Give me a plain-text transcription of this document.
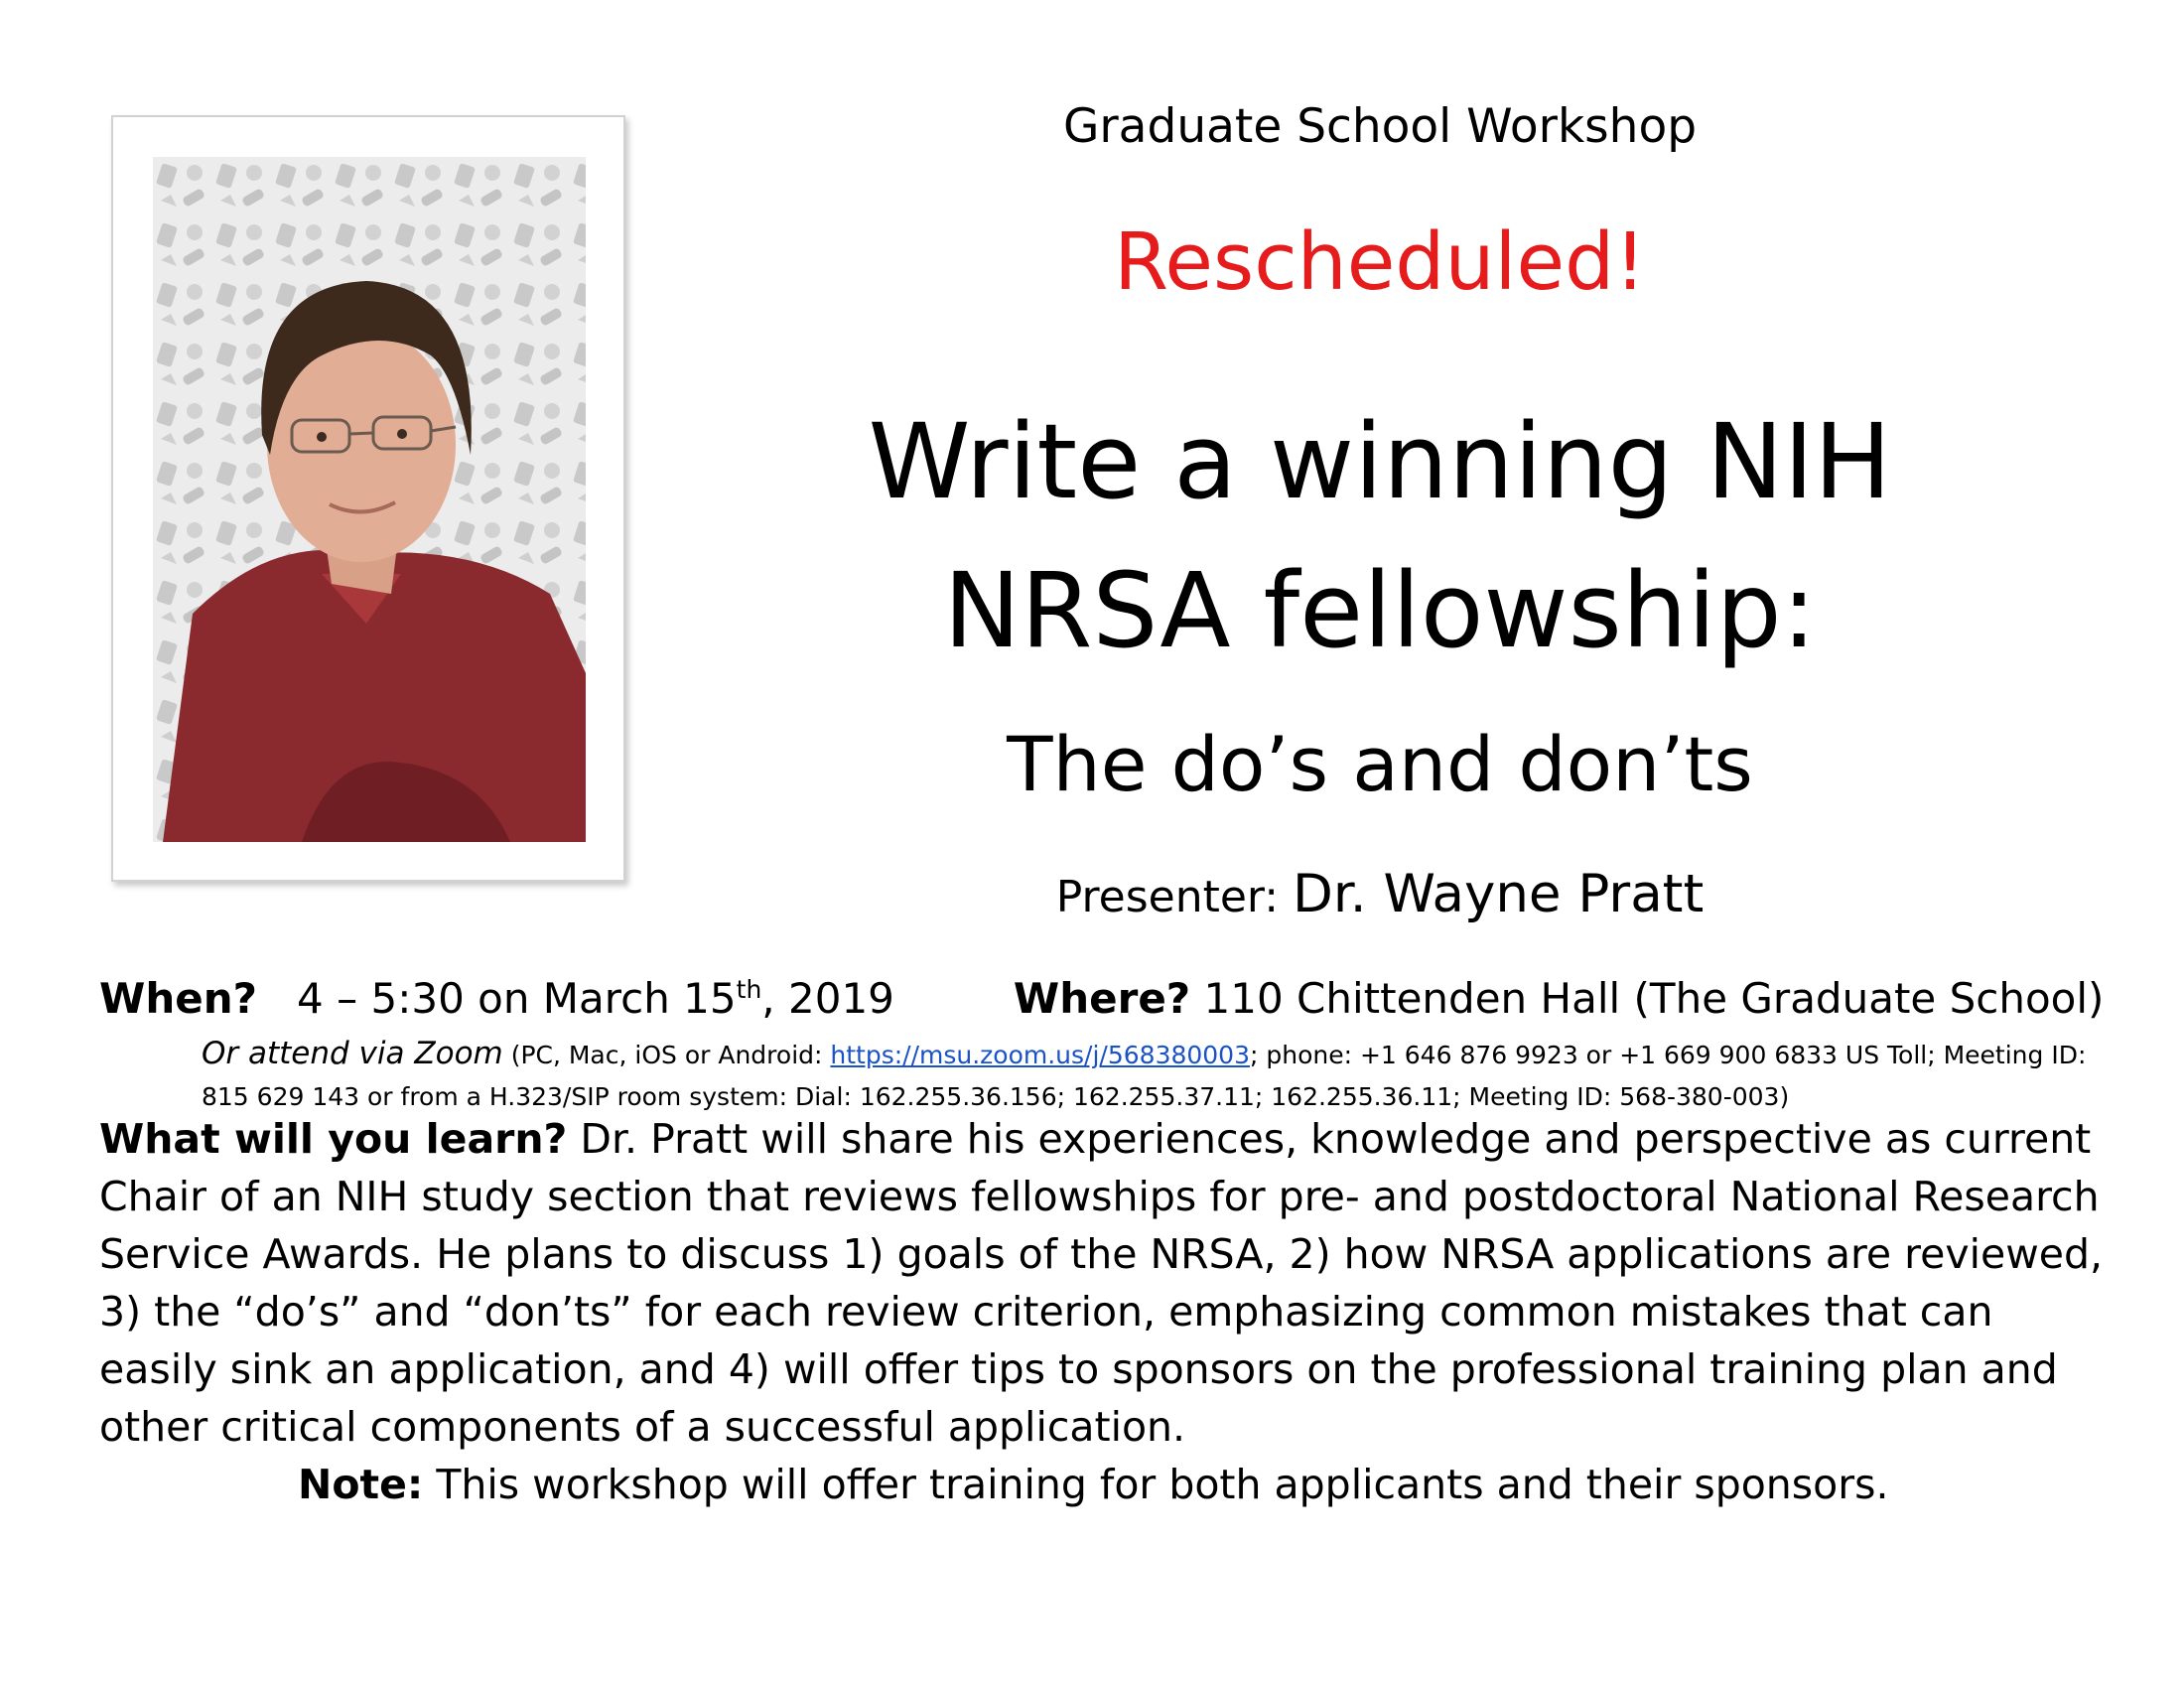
Graduate School Workshop
Rescheduled!
Write a winning NIH
NRSA fellowship:
The do’s and don’ts
Presenter: Dr. Wayne Pratt
When? 4 – 5:30 on March 15th, 2019	Where? 110 Chittenden Hall (The Graduate School)
Or attend via Zoom (PC, Mac, iOS or Android: https://msu.zoom.us/j/568380003; phone: +1 646 876 9923 or +1 669 900 6833 US Toll; Meeting ID: 815 629 143 or from a H.323/SIP room system: Dial: 162.255.36.156; 162.255.37.11; 162.255.36.11; Meeting ID: 568-380-003)
What will you learn? Dr. Pratt will share his experiences, knowledge and perspective as current Chair of an NIH study section that reviews fellowships for pre- and postdoctoral National Research Service Awards. He plans to discuss 1) goals of the NRSA, 2) how NRSA applications are reviewed, 3) the “do’s” and “don’ts” for each review criterion, emphasizing common mistakes that can easily sink an application, and 4) will offer tips to sponsors on the professional training plan and other critical components of a successful application.
Note: This workshop will offer training for both applicants and their sponsors.
